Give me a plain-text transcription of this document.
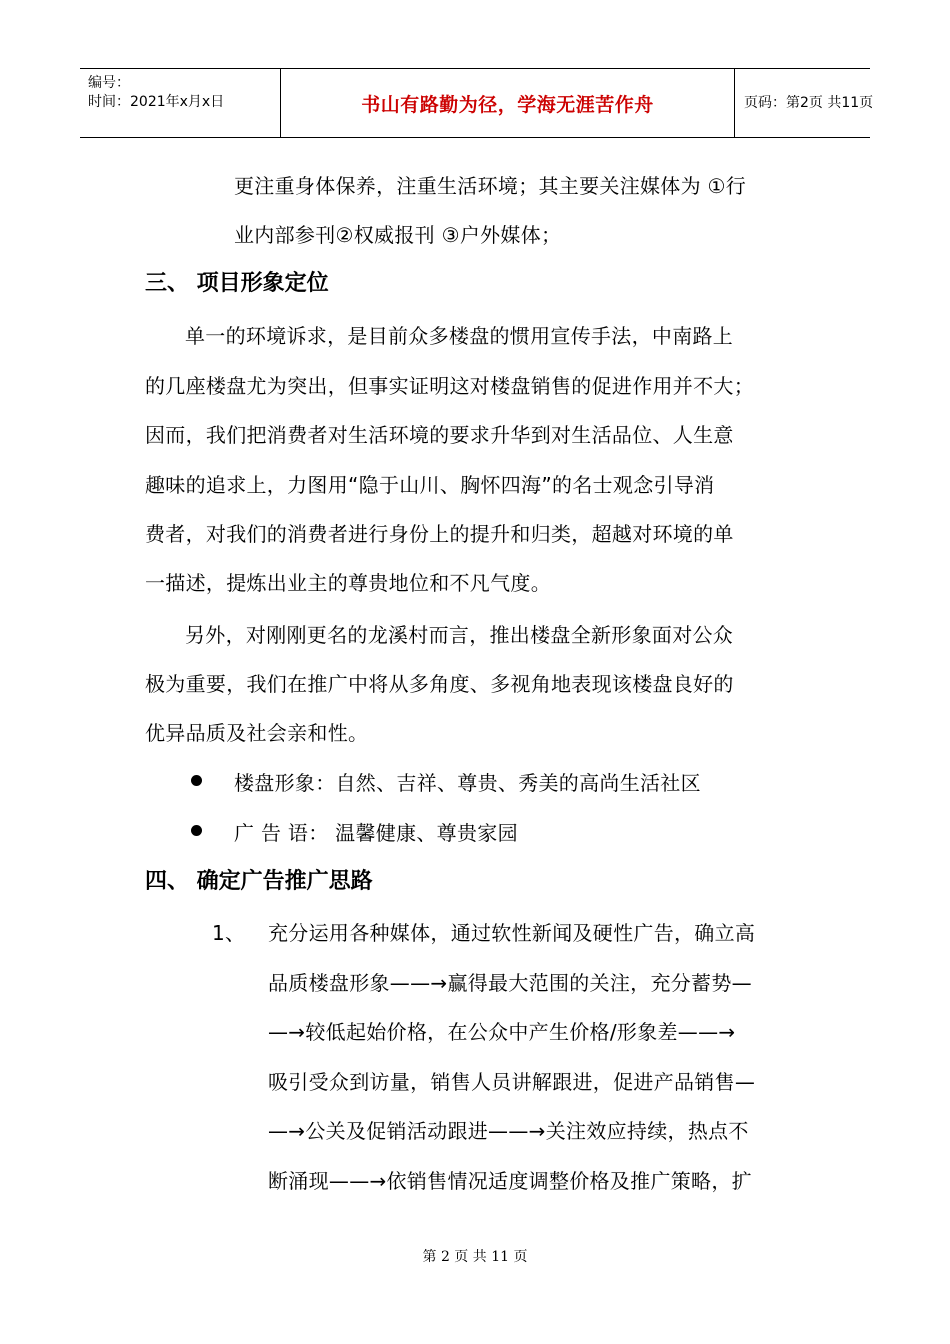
编号：
时间：2021年x月x日	书山有路勤为径，学海无涯苦作舟	页码：第2页 共11页
更注重身体保养，注重生活环境；其主要关注媒体为 ①行
业内部参刊②权威报刊 ③户外媒体；
三、 项目形象定位
单一的环境诉求，是目前众多楼盘的惯用宣传手法，中南路上
的几座楼盘尤为突出，但事实证明这对楼盘销售的促进作用并不大；
因而，我们把消费者对生活环境的要求升华到对生活品位、人生意
趣味的追求上，力图用“隐于山川、胸怀四海”的名士观念引导消
费者，对我们的消费者进行身份上的提升和归类，超越对环境的单
一描述，提炼出业主的尊贵地位和不凡气度。
另外，对刚刚更名的龙溪村而言，推出楼盘全新形象面对公众
极为重要，我们在推广中将从多角度、多视角地表现该楼盘良好的
优异品质及社会亲和性。
楼盘形象：自然、吉祥、尊贵、秀美的高尚生活社区
广 告 语： 温馨健康、尊贵家园
四、 确定广告推广思路
1、 充分运用各种媒体，通过软性新闻及硬性广告，确立高
品质楼盘形象——→赢得最大范围的关注，充分蓄势—
—→较低起始价格，在公众中产生价格/形象差——→
吸引受众到访量，销售人员讲解跟进，促进产品销售—
—→公关及促销活动跟进——→关注效应持续，热点不
断涌现——→依销售情况适度调整价格及推广策略，扩
第 2 页 共 11 页
